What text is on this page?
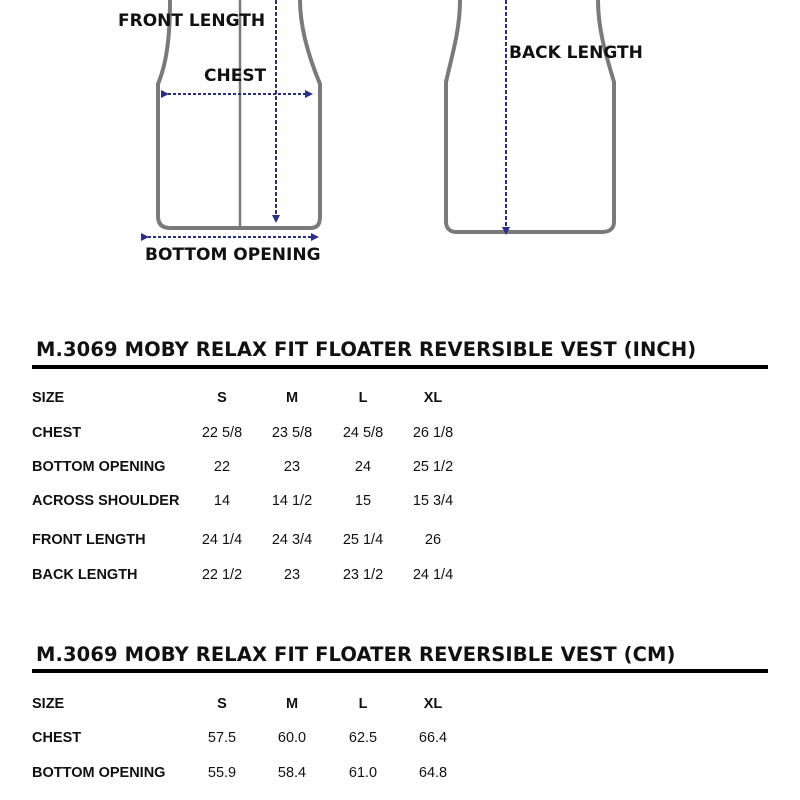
FRONT LENGTH
CHEST
BOTTOM OPENING
BACK LENGTH
M.3069 MOBY RELAX FIT FLOATER REVERSIBLE VEST (INCH)
SIZE	S	M	L	XL
CHEST	22 5/8	23 5/8	24 5/8	26 1/8
BOTTOM OPENING	22	23	24	25 1/2
ACROSS SHOULDER	14	14 1/2	15	15 3/4
FRONT LENGTH	24 1/4	24 3/4	25 1/4	26
BACK LENGTH	22 1/2	23	23 1/2	24 1/4
M.3069 MOBY RELAX FIT FLOATER REVERSIBLE VEST (CM)
SIZE	S	M	L	XL
CHEST	57.5	60.0	62.5	66.4
BOTTOM OPENING	55.9	58.4	61.0	64.8
